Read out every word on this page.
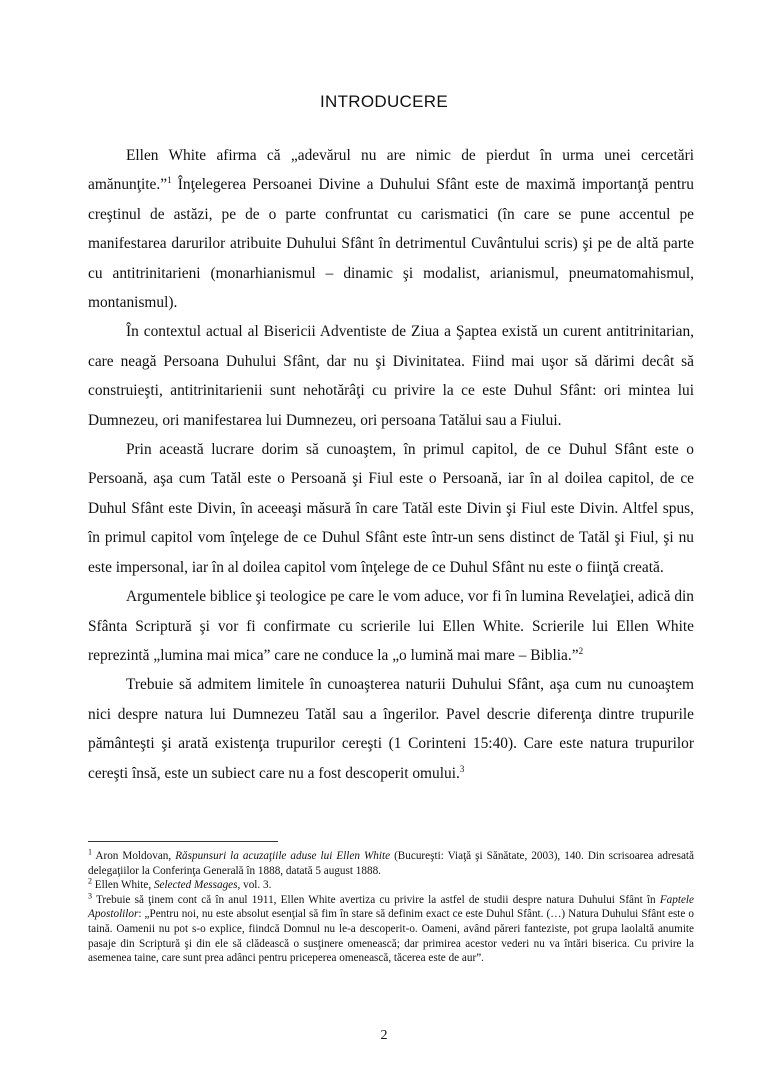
INTRODUCERE

Ellen White afirma că „adevărul nu are nimic de pierdut în urma unei cercetări amănunţite.”$^1$ Înţelegerea Persoanei Divine a Duhului Sfânt este de maximă importanţă pentru creştinul de astăzi, pe de o parte confruntat cu carismatici (în care se pune accentul pe manifestarea darurilor atribuite Duhului Sfânt în detrimentul Cuvântului scris) şi pe de altă parte cu antitrinitarieni (monarhianismul – dinamic şi modalist, arianismul, pneumatomahismul, montanismul).

În contextul actual al Bisericii Adventiste de Ziua a Şaptea există un curent antitrinitarian, care neagă Persoana Duhului Sfânt, dar nu şi Divinitatea. Fiind mai uşor să dărimi decât să construieşti, antitrinitarienii sunt nehotărâţi cu privire la ce este Duhul Sfânt: ori mintea lui Dumnezeu, ori manifestarea lui Dumnezeu, ori persoana Tatălui sau a Fiului.

Prin această lucrare dorim să cunoaştem, în primul capitol, de ce Duhul Sfânt este o Persoană, aşa cum Tatăl este o Persoană şi Fiul este o Persoană, iar în al doilea capitol, de ce Duhul Sfânt este Divin, în aceeaşi măsură în care Tatăl este Divin şi Fiul este Divin. Altfel spus, în primul capitol vom înţelege de ce Duhul Sfânt este într-un sens distinct de Tatăl şi Fiul, şi nu este impersonal, iar în al doilea capitol vom înţelege de ce Duhul Sfânt nu este o fiinţă creată.

Argumentele biblice şi teologice pe care le vom aduce, vor fi în lumina Revelaţiei, adică din Sfânta Scriptură şi vor fi confirmate cu scrierile lui Ellen White. Scrierile lui Ellen White reprezintă „lumina mai mica” care ne conduce la „o lumină mai mare – Biblia.”$^2$

Trebuie să admitem limitele în cunoaşterea naturii Duhului Sfânt, aşa cum nu cunoaştem nici despre natura lui Dumnezeu Tatăl sau a îngerilor. Pavel descrie diferenţa dintre trupurile pământeşti şi arată existenţa trupurilor cereşti (1 Corinteni 15:40). Care este natura trupurilor cereşti însă, este un subiect care nu a fost descoperit omului.$^3$

$^1$ Aron Moldovan, Răspunsuri la acuzaţiile aduse lui Ellen White (Bucureşti: Viaţă şi Sănătate, 2003), 140. Din scrisoarea adresată delegaţiilor la Conferinţa Generală în 1888, datată 5 august 1888.

$^2$ Ellen White, Selected Messages, vol. 3.

$^3$ Trebuie să ţinem cont că în anul 1911, Ellen White avertiza cu privire la astfel de studii despre natura Duhului Sfânt în Faptele Apostolilor: „Pentru noi, nu este absolut esenţial să fim în stare să definim exact ce este Duhul Sfânt. (…) Natura Duhului Sfânt este o taină. Oamenii nu pot s-o explice, fiindcă Domnul nu le-a descoperit-o. Oameni, având păreri fanteziste, pot grupa laolaltă anumite pasaje din Scriptură şi din ele să clădească o susţinere omenească; dar primirea acestor vederi nu va întări biserica. Cu privire la asemenea taine, care sunt prea adânci pentru priceperea omenească, tăcerea este de aur”.

2
